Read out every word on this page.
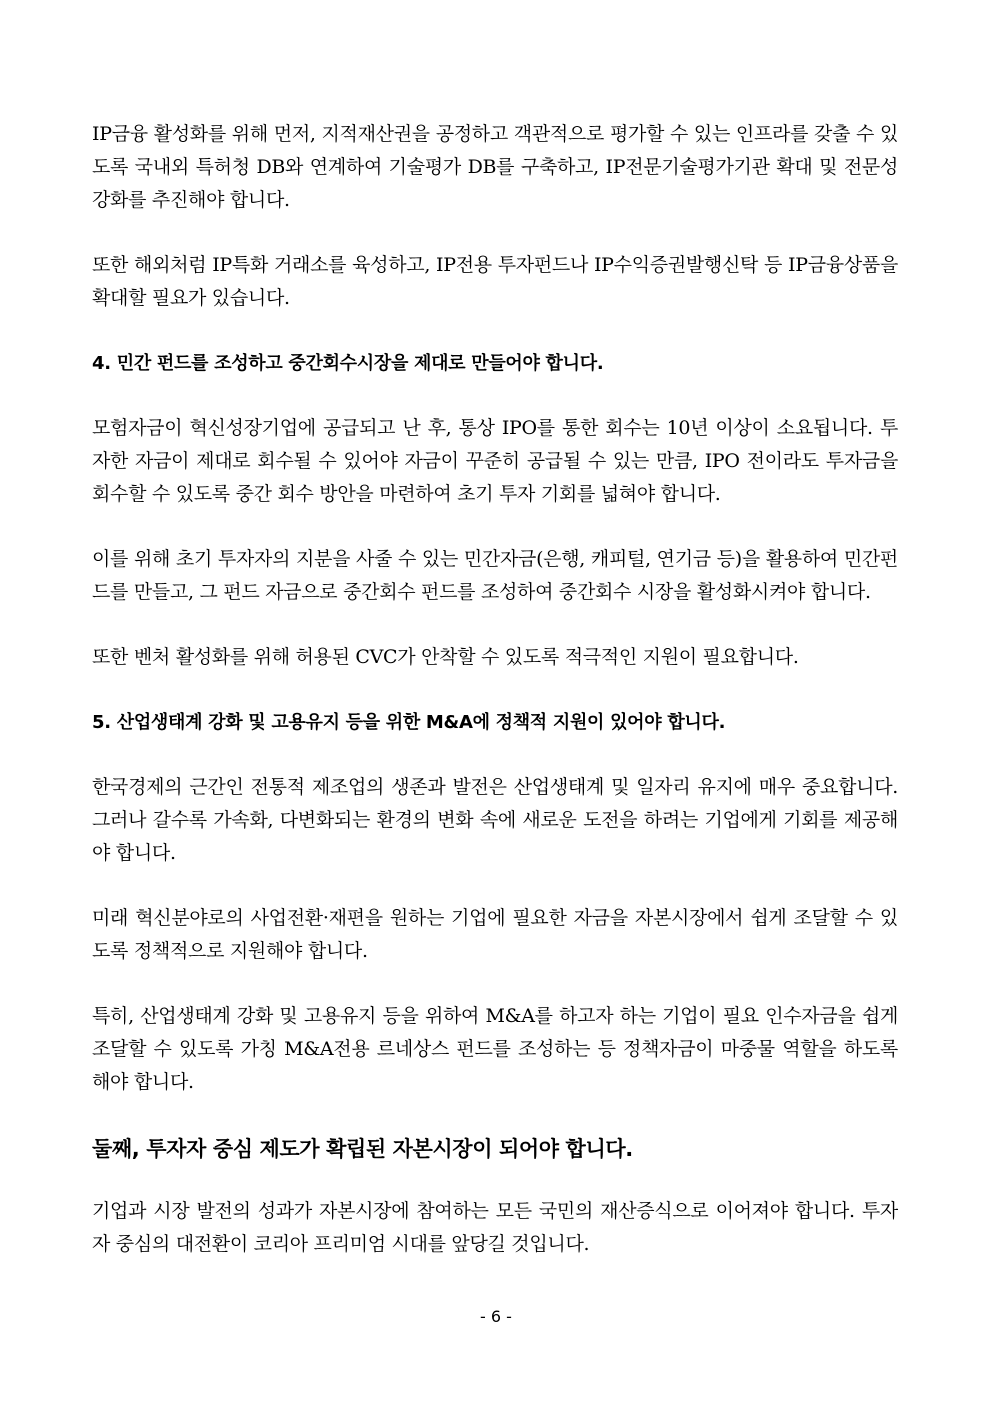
IP금융 활성화를 위해 먼저, 지적재산권을 공정하고 객관적으로 평가할 수 있는 인프라를 갖출 수 있도록 국내외 특허청 DB와 연계하여 기술평가 DB를 구축하고, IP전문기술평가기관 확대 및 전문성 강화를 추진해야 합니다.

또한 해외처럼 IP특화 거래소를 육성하고, IP전용 투자펀드나 IP수익증권발행신탁 등 IP금융상품을 확대할 필요가 있습니다.

4. 민간 펀드를 조성하고 중간회수시장을 제대로 만들어야 합니다.

모험자금이 혁신성장기업에 공급되고 난 후, 통상 IPO를 통한 회수는 10년 이상이 소요됩니다. 투자한 자금이 제대로 회수될 수 있어야 자금이 꾸준히 공급될 수 있는 만큼, IPO 전이라도 투자금을 회수할 수 있도록 중간 회수 방안을 마련하여 초기 투자 기회를 넓혀야 합니다.

이를 위해 초기 투자자의 지분을 사줄 수 있는 민간자금(은행, 캐피털, 연기금 등)을 활용하여 민간펀드를 만들고, 그 펀드 자금으로 중간회수 펀드를 조성하여 중간회수 시장을 활성화시켜야 합니다.

또한 벤처 활성화를 위해 허용된 CVC가 안착할 수 있도록 적극적인 지원이 필요합니다.

5. 산업생태계 강화 및 고용유지 등을 위한 M&A에 정책적 지원이 있어야 합니다.

한국경제의 근간인 전통적 제조업의 생존과 발전은 산업생태계 및 일자리 유지에 매우 중요합니다. 그러나 갈수록 가속화, 다변화되는 환경의 변화 속에 새로운 도전을 하려는 기업에게 기회를 제공해야 합니다.

미래 혁신분야로의 사업전환·재편을 원하는 기업에 필요한 자금을 자본시장에서 쉽게 조달할 수 있도록 정책적으로 지원해야 합니다.

특히, 산업생태계 강화 및 고용유지 등을 위하여 M&A를 하고자 하는 기업이 필요 인수자금을 쉽게 조달할 수 있도록 가칭 M&A전용 르네상스 펀드를 조성하는 등 정책자금이 마중물 역할을 하도록 해야 합니다.

둘째, 투자자 중심 제도가 확립된 자본시장이 되어야 합니다.

기업과 시장 발전의 성과가 자본시장에 참여하는 모든 국민의 재산증식으로 이어져야 합니다. 투자자 중심의 대전환이 코리아 프리미엄 시대를 앞당길 것입니다.

- 6 -
